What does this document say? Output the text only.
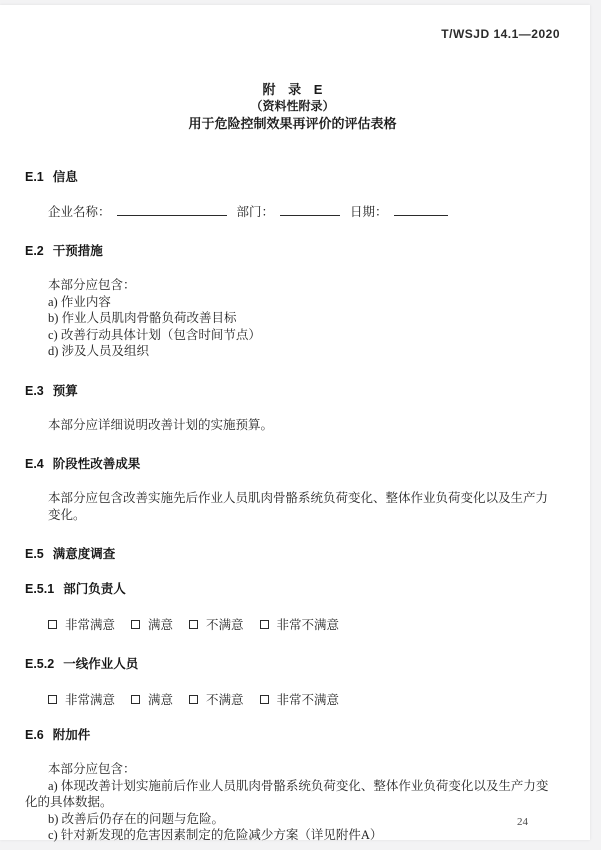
T/WSJD 14.1—2020
附 录 E
（资料性附录）
用于危险控制效果再评价的评估表格
E.1 信息
企业名称：	部门：	日期：
E.2 干预措施
本部分应包含：
a) 作业内容
b) 作业人员肌肉骨骼负荷改善目标
c) 改善行动具体计划（包含时间节点）
d) 涉及人员及组织
E.3 预算
本部分应详细说明改善计划的实施预算。
E.4 阶段性改善成果
本部分应包含改善实施先后作业人员肌肉骨骼系统负荷变化、整体作业负荷变化以及生产力变化。
E.5 满意度调查
E.5.1 部门负责人
非常满意	满意	不满意	非常不满意
E.5.2 一线作业人员
非常满意	满意	不满意	非常不满意
E.6 附加件
本部分应包含：
a) 体现改善计划实施前后作业人员肌肉骨骼系统负荷变化、整体作业负荷变化以及生产力变化的具体数据。
b) 改善后仍存在的问题与危险。
c) 针对新发现的危害因素制定的危险减少方案（详见附件A）
24
